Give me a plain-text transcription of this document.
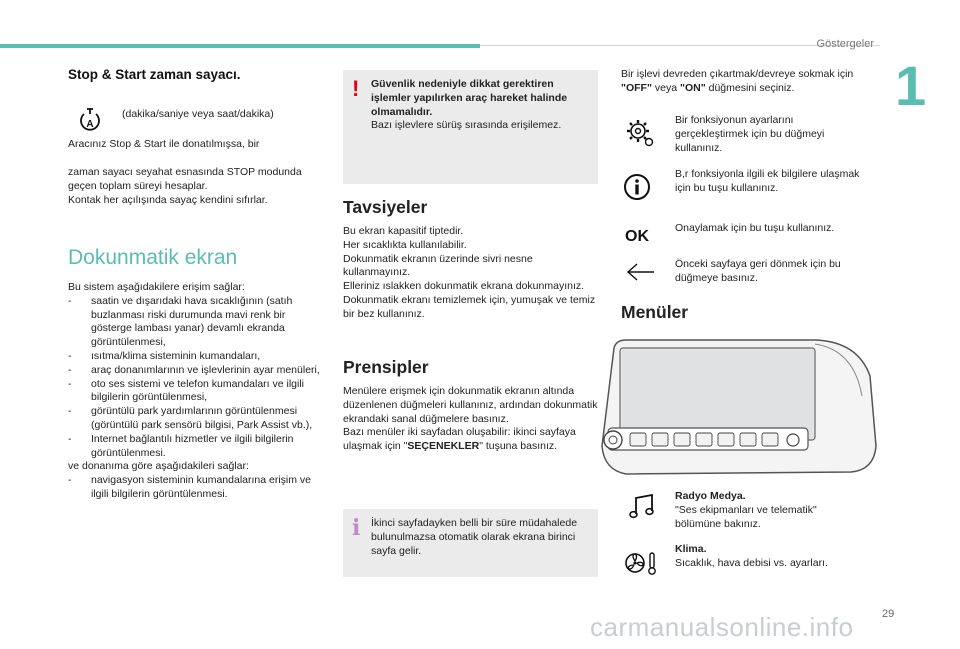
Göstergeler
1
Stop & Start zaman sayacı.
A
(dakika/saniye veya saat/dakika)
Aracınız Stop & Start ile donatılmışsa, bir

zaman sayacı seyahat esnasında STOP modunda geçen toplam süreyi hesaplar.

Kontak her açılışında sayaç kendini sıfırlar.

Dokunmatik ekran

Bu sistem aşağıdakilere erişim sağlar:

- saatin ve dışarıdaki hava sıcaklığının (satıh buzlanması riski durumunda mavi renk bir gösterge lambası yanar) devamlı ekranda görüntülenmesi,
- ısıtma/klima sisteminin kumandaları,
- araç donanımlarının ve işlevlerinin ayar menüleri,
- oto ses sistemi ve telefon kumandaları ve ilgili bilgilerin görüntülenmesi,
- görüntülü park yardımlarının görüntülenmesi (görüntülü park sensörü bilgisi, Park Assist vb.),
- Internet bağlantılı hizmetler ve ilgili bilgilerin görüntülenmesi.

ve donanıma göre aşağıdakileri sağlar:

- navigasyon sisteminin kumandalarına erişim ve ilgili bilgilerin görüntülenmesi.
! Güvenlik nedeniyle dikkat gerektiren işlemler yapılırken araç hareket halinde olmamalıdır.

Bazı işlevlere sürüş sırasında erişilemez.

Tavsiyeler

Bu ekran kapasitif tiptedir.

Her sıcaklıkta kullanılabilir.

Dokunmatik ekranın üzerinde sivri nesne kullanmayınız.

Elleriniz ıslakken dokunmatik ekrana dokunmayınız.

Dokunmatik ekranı temizlemek için, yumuşak ve temiz bir bez kullanınız.

Prensipler

Menülere erişmek için dokunmatik ekranın altında düzenlenen düğmeleri kullanınız, ardından dokunmatik ekrandaki sanal düğmelere basınız.

Bazı menüler iki sayfadan oluşabilir: ikinci sayfaya ulaşmak için "SEÇENEKLER" tuşuna basınız.

i İkinci sayfadayken belli bir süre müdahalede bulunulmazsa otomatik olarak ekrana birinci sayfa gelir.
Bir işlevi devreden çıkartmak/devreye sokmak için "OFF" veya "ON" düğmesini seçiniz.
Bir fonksiyonun ayarlarını gerçekleştirmek için bu düğmeyi kullanınız.
B,r fonksiyonla ilgili ek bilgilere ulaşmak için bu tuşu kullanınız.
OK Onaylamak için bu tuşu kullanınız.
Önceki sayfaya geri dönmek için bu düğmeye basınız.
Menüler

Radyo Medya.

"Ses ekipmanları ve telematik" bölümüne bakınız.

Klima.

Sıcaklık, hava debisi vs. ayarları.

29
carmanualsonline.info
